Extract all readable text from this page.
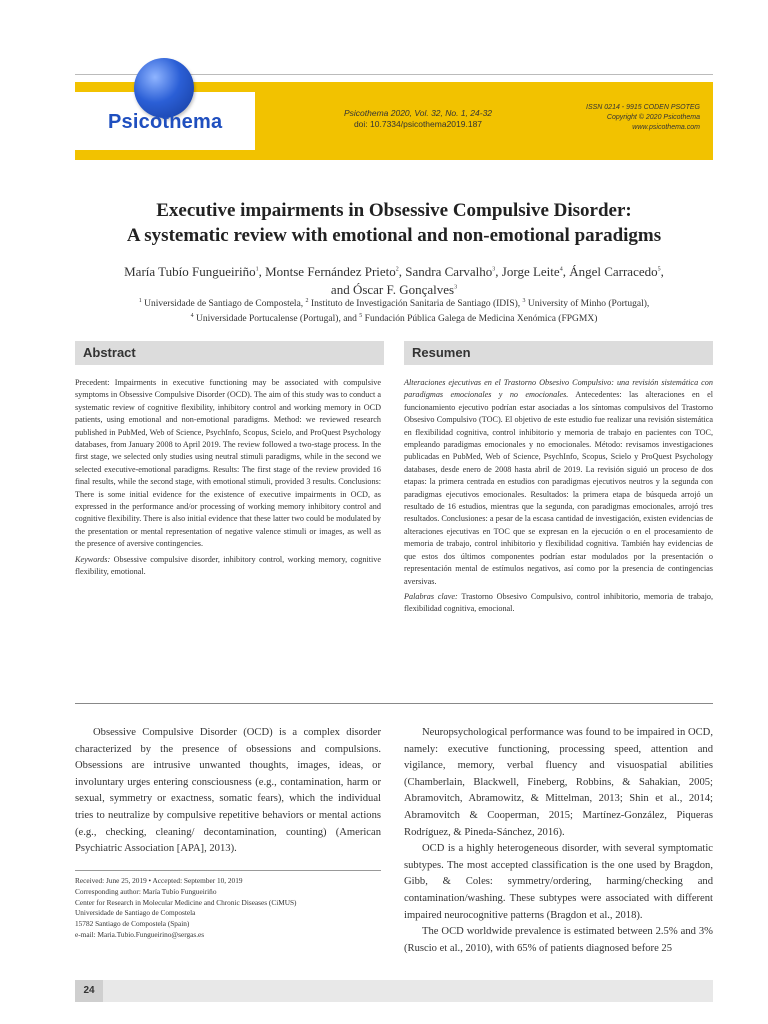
Psicothema	Psicothema 2020, Vol. 32, No. 1, 24-32
doi: 10.7334/psicothema2019.187
ISSN 0214 - 9915 CODEN PSOTEG
Copyright © 2020 Psicothema
www.psicothema.com
Executive impairments in Obsessive Compulsive Disorder:
A systematic review with emotional and non-emotional paradigms
María Tubío Fungueiriño$^1$, Montse Fernández Prieto$^2$, Sandra Carvalho$^3$, Jorge Leite$^4$, Ángel Carracedo$^5$,
and Óscar F. Gonçalves$^3$
$^1$ Universidade de Santiago de Compostela, $^2$ Instituto de Investigación Sanitaria de Santiago (IDIS), $^3$ University of Minho (Portugal),
$^4$ Universidade Portucalense (Portugal), and $^5$ Fundación Pública Galega de Medicina Xenómica (FPGMX)
Abstract	Resumen

Precedent: Impairments in executive functioning may be associated with compulsive symptoms in Obsessive Compulsive Disorder (OCD). The aim of this study was to conduct a systematic review of cognitive flexibility, inhibitory control and working memory in OCD patients, using emotional and non-emotional paradigms. Method: we reviewed research published in PubMed, Web of Science, PsychInfo, Scopus, Scielo, and ProQuest Psychology databases, from January 2008 to April 2019. The review followed a two-stage process. In the first stage, we selected only studies using neutral stimuli paradigms, while in the second we selected executive-emotional paradigms. Results: The first stage of the review provided 16 final results, while the second stage, with emotional stimuli, provided 3 results. Conclusions: There is some initial evidence for the existence of executive impairments in OCD, as expressed in the performance and/or processing of working memory inhibitory control and cognitive flexibility. There is also initial evidence that these latter two could be modulated by the presentation or mental representation of negative valence stimuli or images, as well as the presence of aversive contingencies.

Keywords: Obsessive compulsive disorder, inhibitory control, working memory, cognitive flexibility, emotional.

Alteraciones ejecutivas en el Trastorno Obsesivo Compulsivo: una revisión sistemática con paradigmas emocionales y no emocionales. Antecedentes: las alteraciones en el funcionamiento ejecutivo podrían estar asociadas a los síntomas compulsivos del Trastorno Obsesivo Compulsivo (TOC). El objetivo de este estudio fue realizar una revisión sistemática en flexibilidad cognitiva, control inhibitorio y memoria de trabajo en pacientes con TOC, empleando paradigmas emocionales y no emocionales. Método: revisamos investigaciones publicadas en PubMed, Web of Science, PsychInfo, Scopus, Scielo y ProQuest Psychology databases, desde enero de 2008 hasta abril de 2019. La revisión siguió un proceso de dos etapas: la primera centrada en estudios con paradigmas ejecutivos neutros y la segunda con paradigmas ejecutivos emocionales. Resultados: la primera etapa de búsqueda arrojó un resultado de 16 estudios, mientras que la segunda, con paradigmas emocionales, arrojó tres resultados. Conclusiones: a pesar de la escasa cantidad de investigación, existen evidencias de alteraciones ejecutivas en TOC que se expresan en la ejecución o en el procesamiento de memoria de trabajo, control inhibitorio y flexibilidad cognitiva. También hay evidencias de que estos dos últimos componentes podrían estar modulados por la presentación o representación mental de estímulos negativos, así como por la presencia de contingencias aversivas.

Palabras clave: Trastorno Obsesivo Compulsivo, control inhibitorio, memoria de trabajo, flexibilidad cognitiva, emocional.

Obsessive Compulsive Disorder (OCD) is a complex disorder characterized by the presence of obsessions and compulsions. Obsessions are intrusive unwanted thoughts, images, ideas, or involuntary urges entering consciousness (e.g., contamination, harm or sexual, symmetry or exactness, somatic fears), which the individual tries to neutralize by compulsive repetitive behaviors or mental actions (e.g., checking, cleaning/ decontamination, counting) (American Psychiatric Association [APA], 2013).

Neuropsychological performance was found to be impaired in OCD, namely: executive functioning, processing speed, attention and vigilance, memory, verbal fluency and visuospatial abilities (Chamberlain, Blackwell, Fineberg, Robbins, & Sahakian, 2005; Abramovitch, Abramowitz, & Mittelman, 2013; Shin et al., 2014; Abramovitch & Cooperman, 2015; Martínez-González, Piqueras Rodríguez, & Pineda-Sánchez, 2016).

OCD is a highly heterogeneous disorder, with several symptomatic subtypes. The most accepted classification is the one used by Bragdon, Gibb, & Coles: symmetry/ordering, harming/checking and contamination/washing. These subtypes were associated with different impaired neurocognitive patterns (Bragdon et al., 2018).

The OCD worldwide prevalence is estimated between 2.5% and 3% (Ruscio et al., 2010), with 65% of patients diagnosed before 25

Received: June 25, 2019 • Accepted: September 10, 2019
Corresponding author: María Tubío Fungueiriño
Center for Research in Molecular Medicine and Chronic Diseases (CiMUS)
Universidade de Santiago de Compostela
15782 Santiago de Compostela (Spain)
e-mail: Maria.Tubio.Fungueirino@sergas.es
24
